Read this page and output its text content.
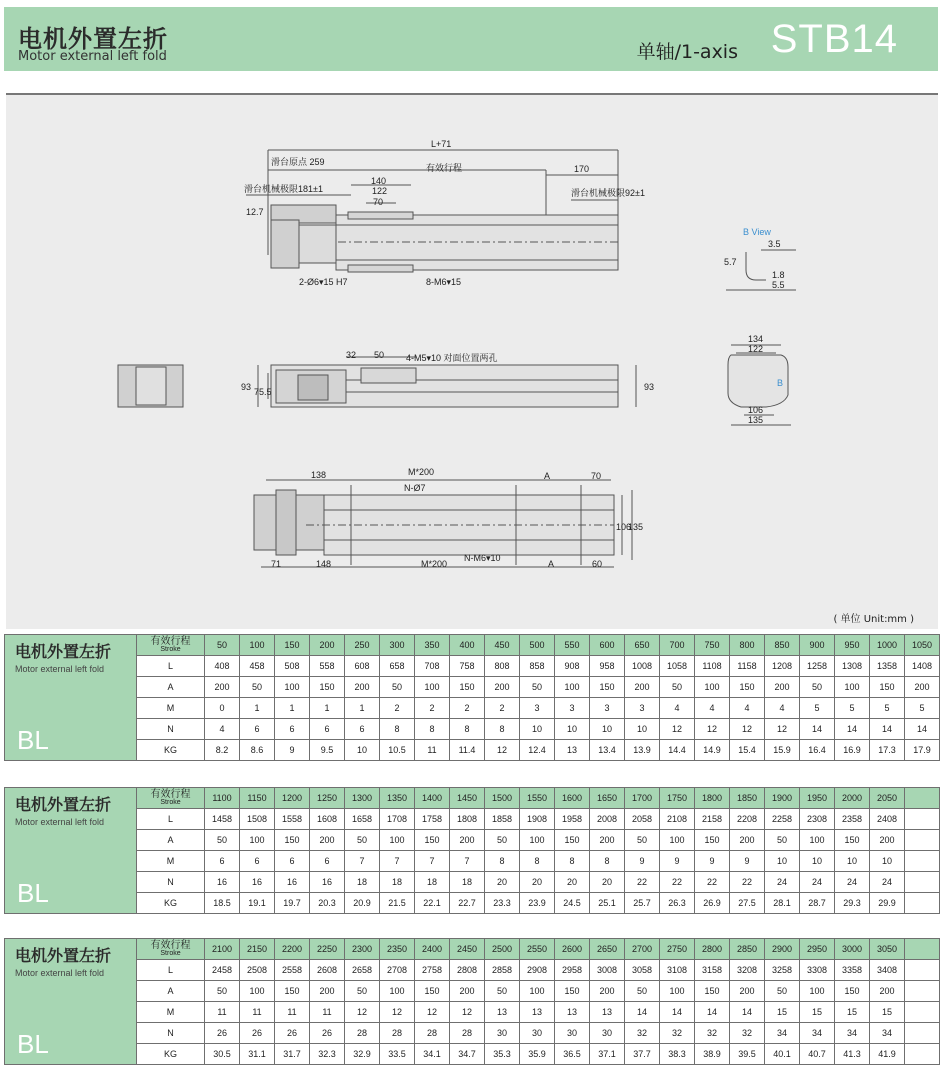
电机外置左折
Motor external left fold	单轴/1-axis STB14
L+71
滑台原点 259
有效行程	170
滑台机械极限181±1	滑台机械极限92±1
140
122
70
12.7
2-Ø6▾15 H7	8-M6▾15
B View
3.5
5.7
1.8
5.5
32 50 4-M5▾10 对面位置两孔
93 75.5	93
134
122
B
106
135
138	M*200	A	70
N-Ø7
106
135
71	148	M*200
N-M6▾10
A	60
( 单位 Unit:mm )
电机外置左折
Motor external left fold
BL	有效行程
Stroke	50	100	150	200	250	300	350	400	450	500	550	600	650	700	750	800	850	900	950	1000	1050
	L	408	458	508	558	608	658	708	758	808	858	908	958	1008	1058	1108	1158	1208	1258	1308	1358	1408
	A	200	50	100	150	200	50	100	150	200	50	100	150	200	50	100	150	200	50	100	150	200
	M	0	1	1	1	1	2	2	2	2	3	3	3	3	4	4	4	4	5	5	5	5
	N	4	6	6	6	6	8	8	8	8	10	10	10	10	12	12	12	12	14	14	14	14
	KG	8.2	8.6	9	9.5	10	10.5	11	11.4	12	12.4	13	13.4	13.9	14.4	14.9	15.4	15.9	16.4	16.9	17.3	17.9
电机外置左折
Motor external left fold
BL	有效行程
Stroke	1100	1150	1200	1250	1300	1350	1400	1450	1500	1550	1600	1650	1700	1750	1800	1850	1900	1950	2000	2050	
	L	1458	1508	1558	1608	1658	1708	1758	1808	1858	1908	1958	2008	2058	2108	2158	2208	2258	2308	2358	2408	
	A	50	100	150	200	50	100	150	200	50	100	150	200	50	100	150	200	50	100	150	200	
	M	6	6	6	6	7	7	7	7	8	8	8	8	9	9	9	9	10	10	10	10	
	N	16	16	16	16	18	18	18	18	20	20	20	20	22	22	22	22	24	24	24	24	
	KG	18.5	19.1	19.7	20.3	20.9	21.5	22.1	22.7	23.3	23.9	24.5	25.1	25.7	26.3	26.9	27.5	28.1	28.7	29.3	29.9	
电机外置左折
Motor external left fold
BL	有效行程
Stroke	2100	2150	2200	2250	2300	2350	2400	2450	2500	2550	2600	2650	2700	2750	2800	2850	2900	2950	3000	3050	
	L	2458	2508	2558	2608	2658	2708	2758	2808	2858	2908	2958	3008	3058	3108	3158	3208	3258	3308	3358	3408	
	A	50	100	150	200	50	100	150	200	50	100	150	200	50	100	150	200	50	100	150	200	
	M	11	11	11	11	12	12	12	12	13	13	13	13	14	14	14	14	15	15	15	15	
	N	26	26	26	26	28	28	28	28	30	30	30	30	32	32	32	32	34	34	34	34	
	KG	30.5	31.1	31.7	32.3	32.9	33.5	34.1	34.7	35.3	35.9	36.5	37.1	37.7	38.3	38.9	39.5	40.1	40.7	41.3	41.9	
